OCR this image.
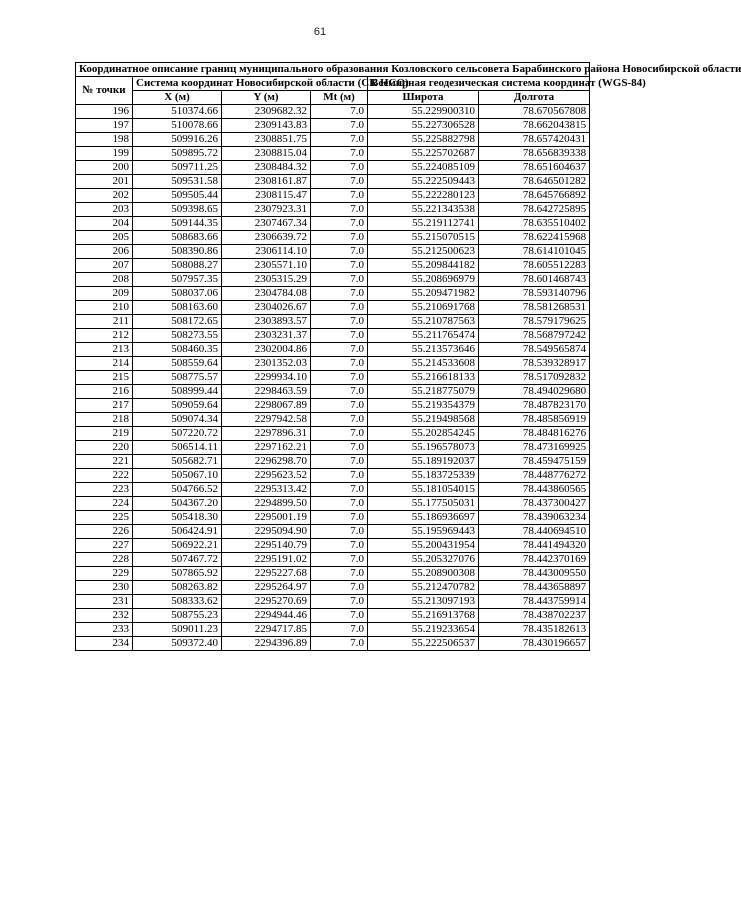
61
Координатное описание границ муниципального образования Козловского сельсовета Барабинского района Новосибирской области					
№ точки	Система координат Новосибирской области (СК НСО)			Всемирная геодезическая система координат (WGS-84)	
	X (м)	Y (м)	Mt (м)	Широта	Долгота
196	510374.66	2309682.32	7.0	55.229900310	78.670567808
197	510078.66	2309143.83	7.0	55.227306528	78.662043815
198	509916.26	2308851.75	7.0	55.225882798	78.657420431
199	509895.72	2308815.04	7.0	55.225702687	78.656839338
200	509711.25	2308484.32	7.0	55.224085109	78.651604637
201	509531.58	2308161.87	7.0	55.222509443	78.646501282
202	509505.44	2308115.47	7.0	55.222280123	78.645766892
203	509398.65	2307923.31	7.0	55.221343538	78.642725895
204	509144.35	2307467.34	7.0	55.219112741	78.635510402
205	508683.66	2306639.72	7.0	55.215070515	78.622415968
206	508390.86	2306114.10	7.0	55.212500623	78.614101045
207	508088.27	2305571.10	7.0	55.209844182	78.605512283
208	507957.35	2305315.29	7.0	55.208696979	78.601468743
209	508037.06	2304784.08	7.0	55.209471982	78.593140796
210	508163.60	2304026.67	7.0	55.210691768	78.581268531
211	508172.65	2303893.57	7.0	55.210787563	78.579179625
212	508273.55	2303231.37	7.0	55.211765474	78.568797242
213	508460.35	2302004.86	7.0	55.213573646	78.549565874
214	508559.64	2301352.03	7.0	55.214533608	78.539328917
215	508775.57	2299934.10	7.0	55.216618133	78.517092832
216	508999.44	2298463.59	7.0	55.218775079	78.494029680
217	509059.64	2298067.89	7.0	55.219354379	78.487823170
218	509074.34	2297942.58	7.0	55.219498568	78.485856919
219	507220.72	2297896.31	7.0	55.202854245	78.484816276
220	506514.11	2297162.21	7.0	55.196578073	78.473169925
221	505682.71	2296298.70	7.0	55.189192037	78.459475159
222	505067.10	2295623.52	7.0	55.183725339	78.448776272
223	504766.52	2295313.42	7.0	55.181054015	78.443860565
224	504367.20	2294899.50	7.0	55.177505031	78.437300427
225	505418.30	2295001.19	7.0	55.186936697	78.439063234
226	506424.91	2295094.90	7.0	55.195969443	78.440694510
227	506922.21	2295140.79	7.0	55.200431954	78.441494320
228	507467.72	2295191.02	7.0	55.205327076	78.442370169
229	507865.92	2295227.68	7.0	55.208900308	78.443009550
230	508263.82	2295264.97	7.0	55.212470782	78.443658897
231	508333.62	2295270.69	7.0	55.213097193	78.443759914
232	508755.23	2294944.46	7.0	55.216913768	78.438702237
233	509011.23	2294717.85	7.0	55.219233654	78.435182613
234	509372.40	2294396.89	7.0	55.222506537	78.430196657
